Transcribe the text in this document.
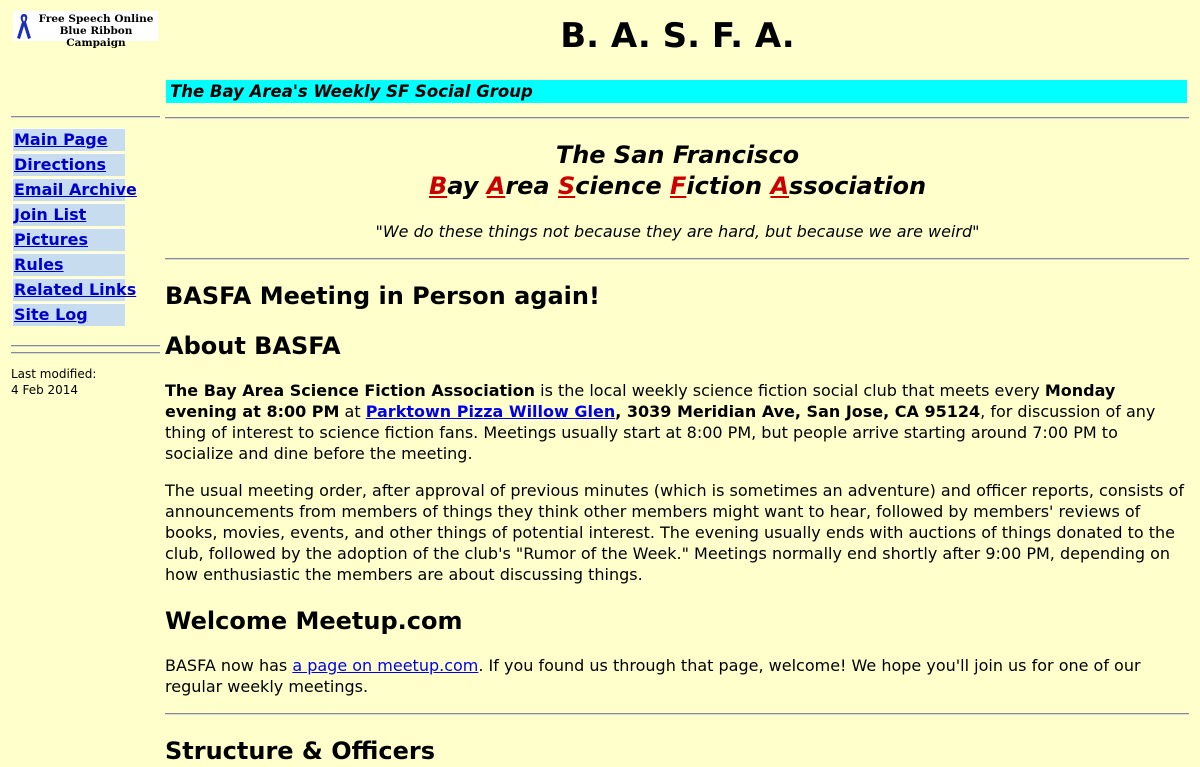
Free Speech Online
Blue Ribbon Campaign
Main Page
Directions
Email Archive
Join List
Pictures
Rules
Related Links
Site Log
Last modified:
4 Feb 2014
B. A. S. F. A.
The Bay Area's Weekly SF Social Group
The San Francisco
Bay Area Science Fiction Association
"We do these things not because they are hard, but because we are weird"
BASFA Meeting in Person again!
About BASFA

The Bay Area Science Fiction Association is the local weekly science fiction social club that meets every Monday evening at 8:00 PM at Parktown Pizza Willow Glen, 3039 Meridian Ave, San Jose, CA 95124, for discussion of any thing of interest to science fiction fans. Meetings usually start at 8:00 PM, but people arrive starting around 7:00 PM to socialize and dine before the meeting.

The usual meeting order, after approval of previous minutes (which is sometimes an adventure) and officer reports, consists of announcements from members of things they think other members might want to hear, followed by members' reviews of books, movies, events, and other things of potential interest. The evening usually ends with auctions of things donated to the club, followed by the adoption of the club's "Rumor of the Week." Meetings normally end shortly after 9:00 PM, depending on how enthusiastic the members are about discussing things.

Welcome Meetup.com

BASFA now has a page on meetup.com. If you found us through that page, welcome! We hope you'll join us for one of our regular weekly meetings.

Structure & Officers
